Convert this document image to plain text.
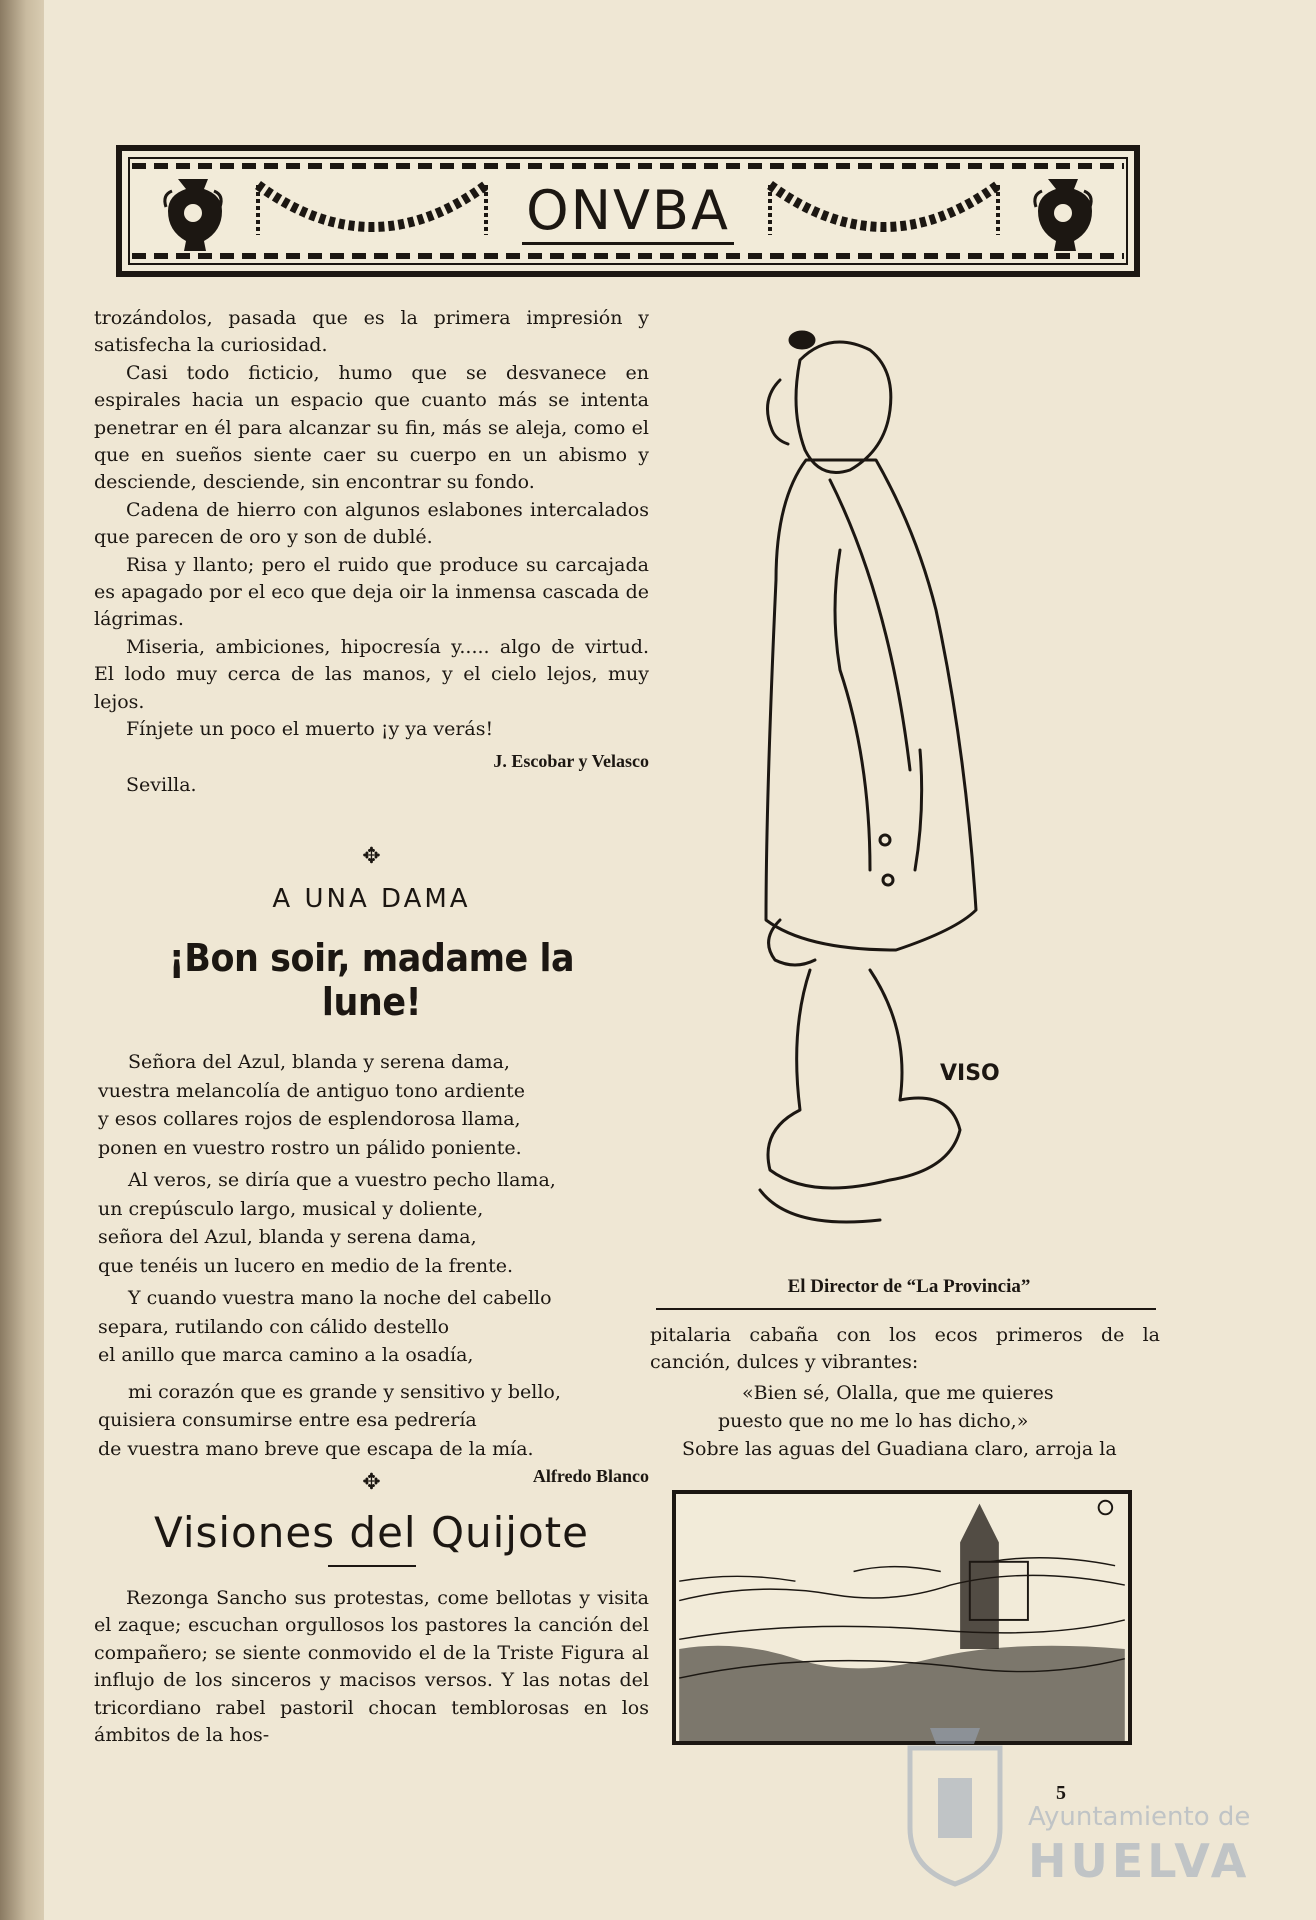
ONVBA

trozándolos, pasada que es la primera impresión y satisfecha la curiosidad.

Casi todo ficticio, humo que se desvanece en espirales hacia un espacio que cuanto más se intenta penetrar en él para alcanzar su fin, más se aleja, como el que en sueños siente caer su cuerpo en un abismo y desciende, desciende, sin encontrar su fondo.

Cadena de hierro con algunos eslabones intercalados que parecen de oro y son de dublé.

Risa y llanto; pero el ruido que produce su carcajada es apagado por el eco que deja oir la inmensa cascada de lágrimas.

Miseria, ambiciones, hipocresía y..... algo de virtud. El lodo muy cerca de las manos, y el cielo lejos, muy lejos.

Fínjete un poco el muerto ¡y ya verás!

J. Escobar y Velasco

Sevilla.

✥
A UNA DAMA
¡Bon soir, madame la lune!
Señora del Azul, blanda y serena dama,
vuestra melancolía de antiguo tono ardiente
y esos collares rojos de esplendorosa llama,
ponen en vuestro rostro un pálido poniente.
Al veros, se diría que a vuestro pecho llama,
un crepúsculo largo, musical y doliente,
señora del Azul, blanda y serena dama,
que tenéis un lucero en medio de la frente.
Y cuando vuestra mano la noche del cabello
separa, rutilando con cálido destello
el anillo que marca camino a la osadía,
mi corazón que es grande y sensitivo y bello,
quisiera consumirse entre esa pedrería
de vuestra mano breve que escapa de la mía.
Alfredo Blanco
✥
Visiones del Quijote

Rezonga Sancho sus protestas, come bellotas y visita el zaque; escuchan orgullosos los pastores la canción del compañero; se siente conmovido el de la Triste Figura al influjo de los sinceros y macisos versos. Y las notas del tricordiano rabel pastoril chocan temblorosas en los ámbitos de la hos-

VISO
El Director de “La Provincia”

pitalaria cabaña con los ecos primeros de la canción, dulces y vibrantes:

«Bien sé, Olalla, que me quieres
puesto que no me lo has dicho,»

Sobre las aguas del Guadiana claro, arroja la

5
Ayuntamiento de
HUELVA
